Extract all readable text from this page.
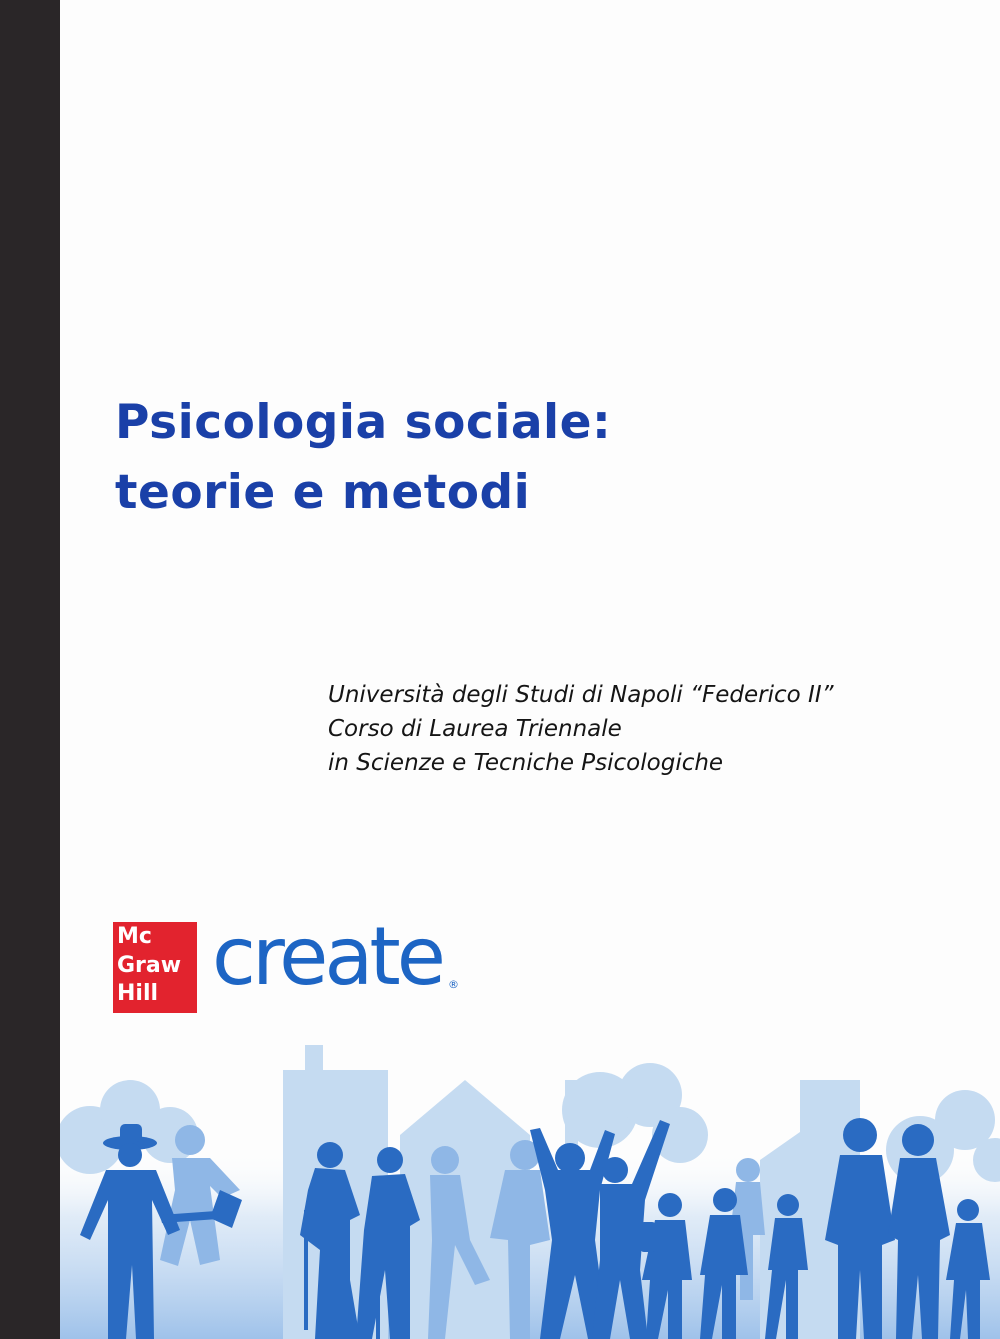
Psicologia sociale:
teorie e metodi
Università degli Studi di Napoli “Federico II”
Corso di Laurea Triennale
in Scienze e Tecniche Psicologiche
Mc
Graw
Hill create ®
